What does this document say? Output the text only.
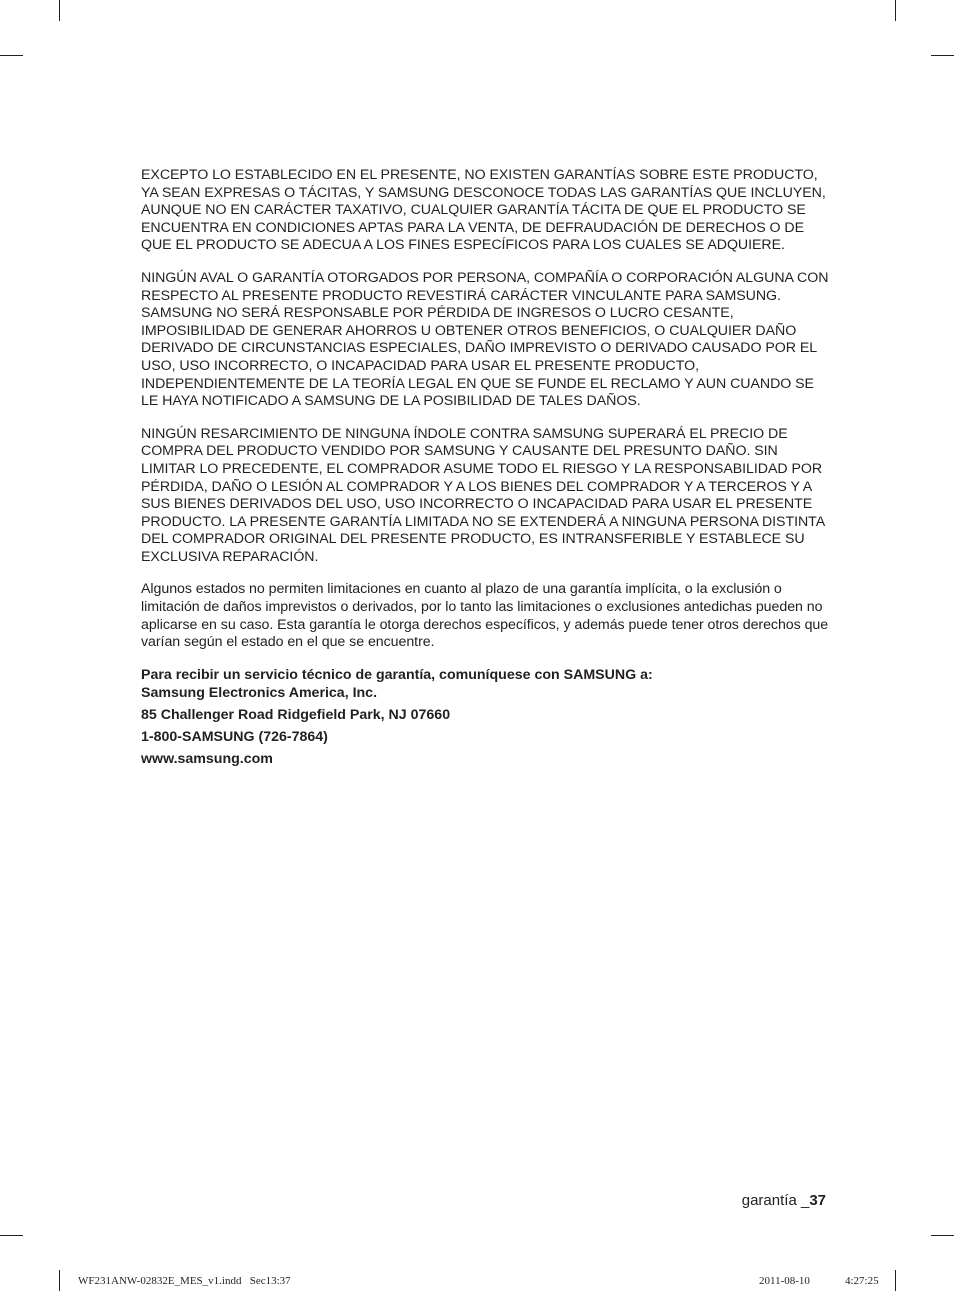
EXCEPTO LO ESTABLECIDO EN EL PRESENTE, NO EXISTEN GARANTÍAS SOBRE ESTE PRODUCTO, YA SEAN EXPRESAS O TÁCITAS, Y SAMSUNG DESCONOCE TODAS LAS GARANTÍAS QUE INCLUYEN, AUNQUE NO EN CARÁCTER TAXATIVO, CUALQUIER GARANTÍA TÁCITA DE QUE EL PRODUCTO SE ENCUENTRA EN CONDICIONES APTAS PARA LA VENTA, DE DEFRAUDACIÓN DE DERECHOS O DE QUE EL PRODUCTO SE ADECUA A LOS FINES ESPECÍFICOS PARA LOS CUALES SE ADQUIERE.

NINGÚN AVAL O GARANTÍA OTORGADOS POR PERSONA, COMPAÑÍA O CORPORACIÓN ALGUNA CON RESPECTO AL PRESENTE PRODUCTO REVESTIRÁ CARÁCTER VINCULANTE PARA SAMSUNG. SAMSUNG NO SERÁ RESPONSABLE POR PÉRDIDA DE INGRESOS O LUCRO CESANTE, IMPOSIBILIDAD DE GENERAR AHORROS U OBTENER OTROS BENEFICIOS, O CUALQUIER DAÑO DERIVADO DE CIRCUNSTANCIAS ESPECIALES, DAÑO IMPREVISTO O DERIVADO CAUSADO POR EL USO, USO INCORRECTO, O INCAPACIDAD PARA USAR EL PRESENTE PRODUCTO, INDEPENDIENTEMENTE DE LA TEORÍA LEGAL EN QUE SE FUNDE EL RECLAMO Y AUN CUANDO SE LE HAYA NOTIFICADO A SAMSUNG DE LA POSIBILIDAD DE TALES DAÑOS.

NINGÚN RESARCIMIENTO DE NINGUNA ÍNDOLE CONTRA SAMSUNG SUPERARÁ EL PRECIO DE COMPRA DEL PRODUCTO VENDIDO POR SAMSUNG Y CAUSANTE DEL PRESUNTO DAÑO. SIN LIMITAR LO PRECEDENTE, EL COMPRADOR ASUME TODO EL RIESGO Y LA RESPONSABILIDAD POR PÉRDIDA, DAÑO O LESIÓN AL COMPRADOR Y A LOS BIENES DEL COMPRADOR Y A TERCEROS Y A SUS BIENES DERIVADOS DEL USO, USO INCORRECTO O INCAPACIDAD PARA USAR EL PRESENTE PRODUCTO. LA PRESENTE GARANTÍA LIMITADA NO SE EXTENDERÁ A NINGUNA PERSONA DISTINTA DEL COMPRADOR ORIGINAL DEL PRESENTE PRODUCTO, ES INTRANSFERIBLE Y ESTABLECE SU EXCLUSIVA REPARACIÓN.

Algunos estados no permiten limitaciones en cuanto al plazo de una garantía implícita, o la exclusión o limitación de daños imprevistos o derivados, por lo tanto las limitaciones o exclusiones antedichas pueden no aplicarse en su caso. Esta garantía le otorga derechos específicos, y además puede tener otros derechos que varían según el estado en el que se encuentre.

Para recibir un servicio técnico de garantía, comuníquese con SAMSUNG a:

Samsung Electronics America, Inc.

85 Challenger Road Ridgefield Park, NJ 07660

1-800-SAMSUNG (726-7864)

www.samsung.com

garantía _37
WF231ANW-02832E_MES_v1.indd   Sec13:37	2011-08-10	4:27:25
